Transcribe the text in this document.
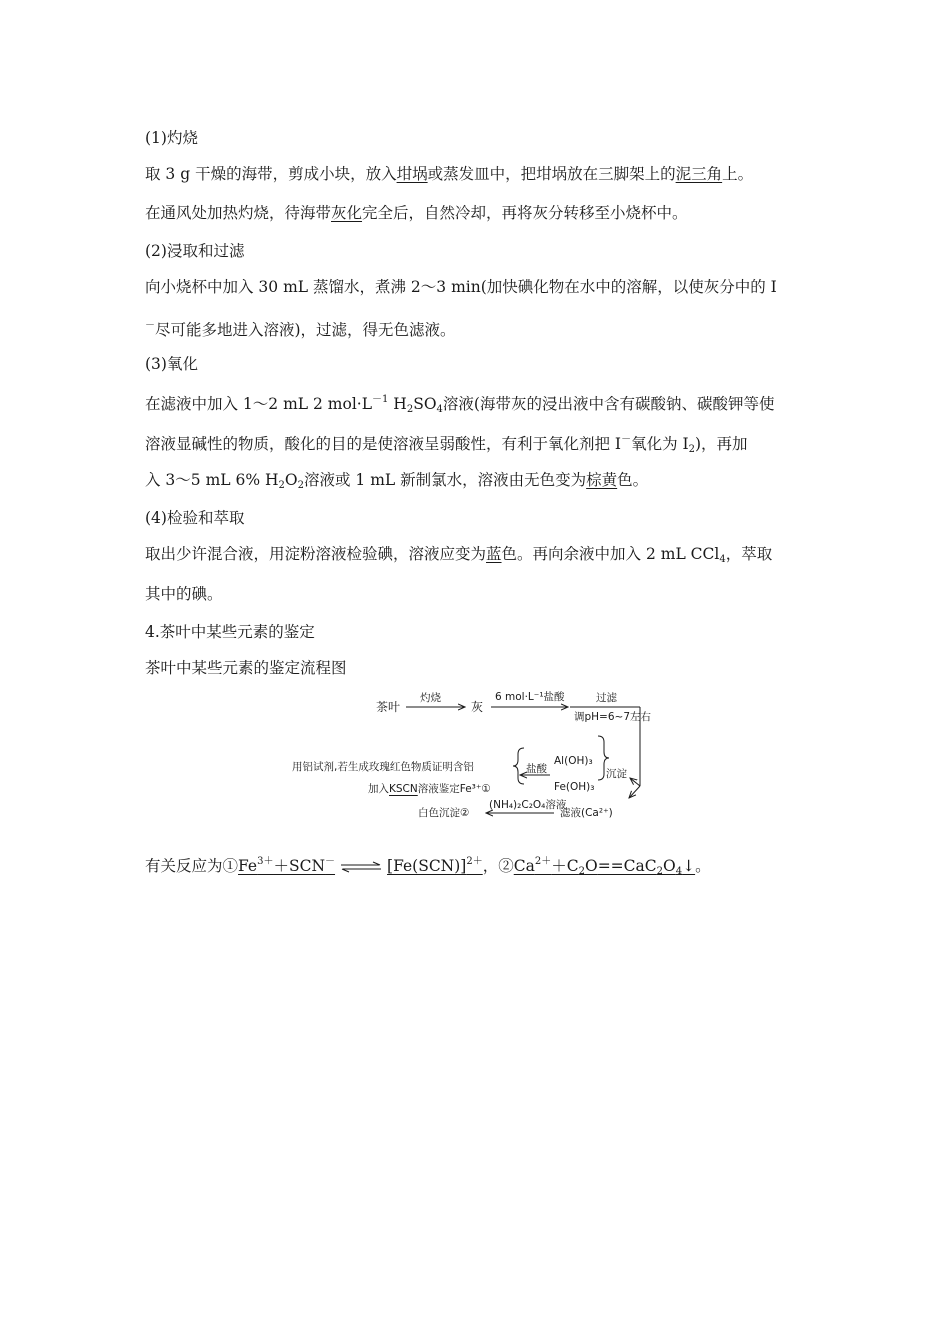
(1)灼烧
取 3 g 干燥的海带，剪成小块，放入坩埚或蒸发皿中，把坩埚放在三脚架上的泥三角上。
在通风处加热灼烧，待海带灰化完全后，自然冷却，再将灰分转移至小烧杯中。
(2)浸取和过滤
向小烧杯中加入 30 mL 蒸馏水，煮沸 2～3 min(加快碘化物在水中的溶解，以使灰分中的 I
－尽可能多地进入溶液)，过滤，得无色滤液。
(3)氧化
在滤液中加入 1～2 mL 2 $mol\cdot L^{-1}$ $H_2SO_4$溶液(海带灰的浸出液中含有碳酸钠、碳酸钾等使
溶液显碱性的物质，酸化的目的是使溶液呈弱酸性，有利于氧化剂把 I－氧化为 $I_2$)，再加
入 3～5 mL 6% $H_2O_2$溶液或 1 mL 新制氯水，溶液由无色变为棕黄色。
(4)检验和萃取
取出少许混合液，用淀粉溶液检验碘，溶液应变为蓝色。再向余液中加入 2 mL CCl$_4$，萃取
其中的碘。
4.茶叶中某些元素的鉴定
茶叶中某些元素的鉴定流程图
茶叶
灼烧
灰
6 mol·L⁻¹盐酸	过滤
调pH=6~7左右
用铝试剂,若生成玫瑰红色物质证明含铝	盐酸
Al(OH)₃
Fe(OH)₃
沉淀
加入KSCN溶液鉴定Fe³⁺①
白色沉淀②
(NH₄)₂C₂O₄溶液
滤液(Ca²⁺)
有关反应为$①Fe^{3+}+SCN^-$ ⇌ $[Fe(SCN)]^{2+}$，$②Ca^{2+}+C_2O==CaC_2O_4↓$。
